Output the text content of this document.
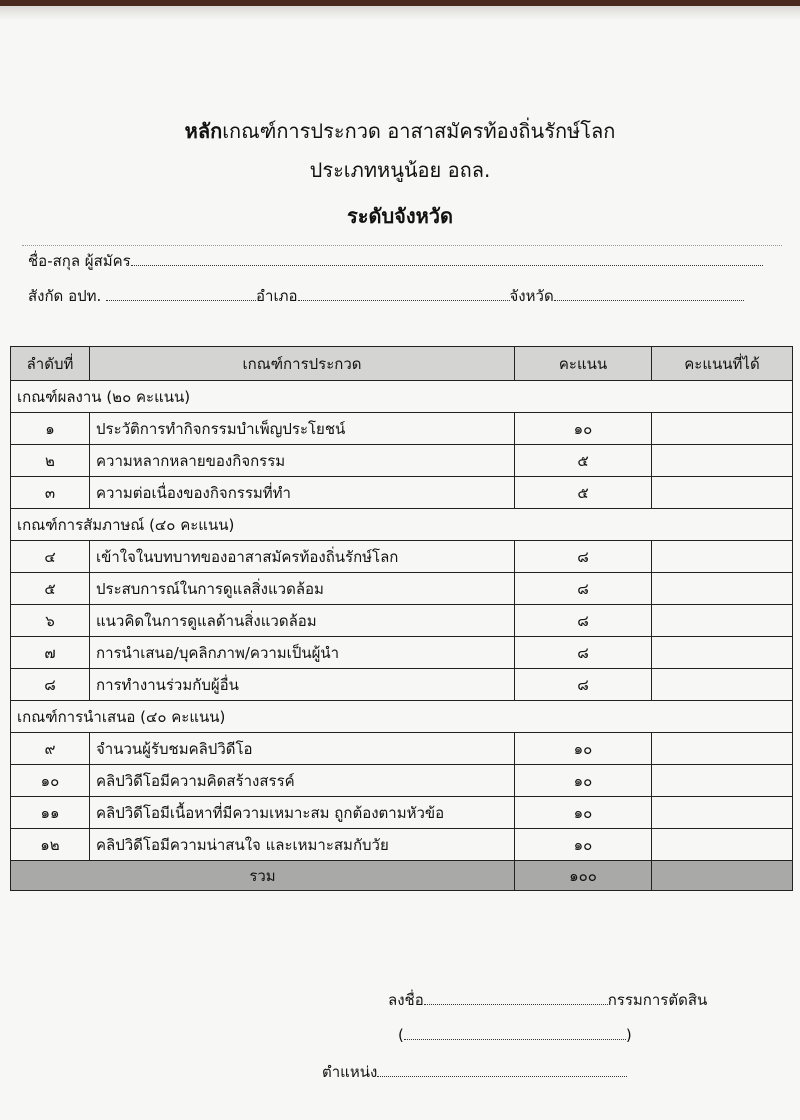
หลักเกณฑ์การประกวด อาสาสมัครท้องถิ่นรักษ์โลก
ประเภทหนูน้อย อถล.
ระดับจังหวัด
ชื่อ-สกุล ผู้สมัคร
สังกัด อปท.	อำเภอ	จังหวัด
ลำดับที่	เกณฑ์การประกวด	คะแนน	คะแนนที่ได้
เกณฑ์ผลงาน (๒๐ คะแนน)			
๑	ประวัติการทำกิจกรรมบำเพ็ญประโยชน์	๑๐	
๒	ความหลากหลายของกิจกรรม	๕	
๓	ความต่อเนื่องของกิจกรรมที่ทำ	๕	
เกณฑ์การสัมภาษณ์ (๔๐ คะแนน)			
๔	เข้าใจในบทบาทของอาสาสมัครท้องถิ่นรักษ์โลก	๘	
๕	ประสบการณ์ในการดูแลสิ่งแวดล้อม	๘	
๖	แนวคิดในการดูแลด้านสิ่งแวดล้อม	๘	
๗	การนำเสนอ/บุคลิกภาพ/ความเป็นผู้นำ	๘	
๘	การทำงานร่วมกับผู้อื่น	๘	
เกณฑ์การนำเสนอ (๔๐ คะแนน)			
๙	จำนวนผู้รับชมคลิปวิดีโอ	๑๐	
๑๐	คลิปวิดีโอมีความคิดสร้างสรรค์	๑๐	
๑๑	คลิปวิดีโอมีเนื้อหาที่มีความเหมาะสม ถูกต้องตามหัวข้อ	๑๐	
๑๒	คลิปวิดีโอมีความน่าสนใจ และเหมาะสมกับวัย	๑๐	
รวม		๑๐๐	
ลงชื่อ	กรรมการตัดสิน
(	)
ตำแหน่ง
